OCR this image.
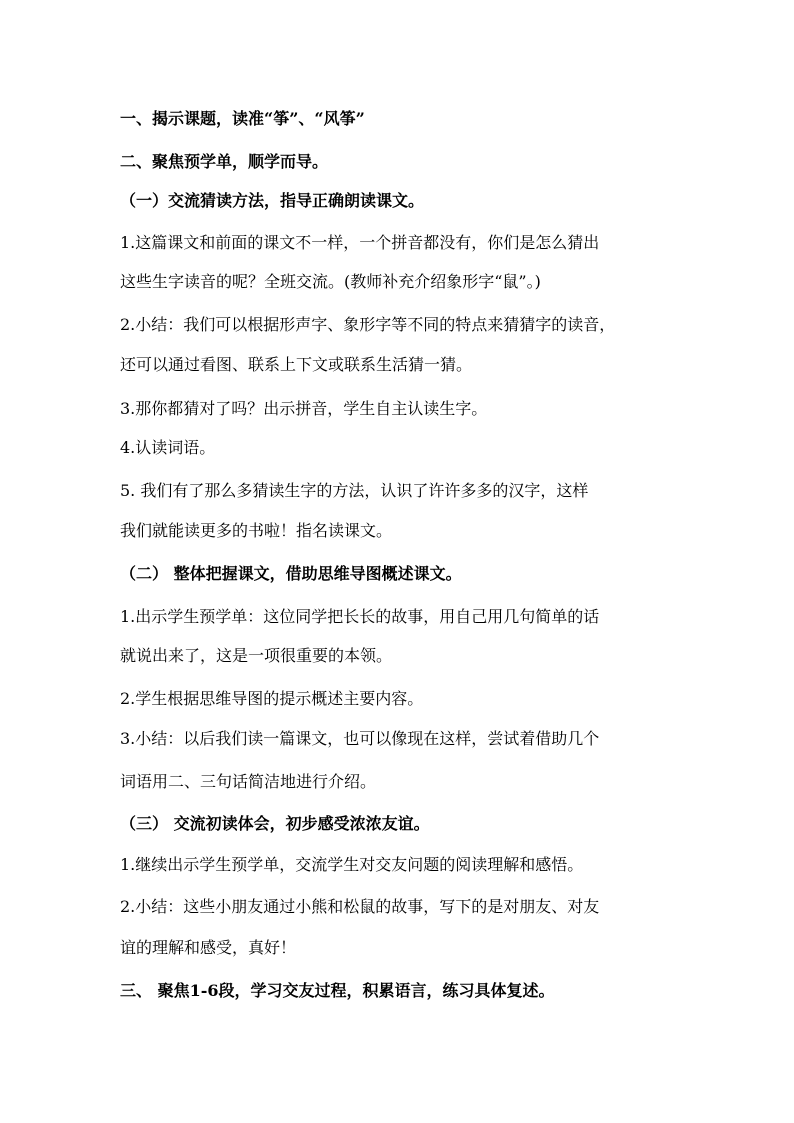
一、揭示课题，读准“筝”、“风筝”
二、聚焦预学单，顺学而导。
（一）交流猜读方法，指导正确朗读课文。
1.这篇课文和前面的课文不一样，一个拼音都没有，你们是怎么猜出
这些生字读音的呢？全班交流。(教师补充介绍象形字“鼠”。)
2.小结：我们可以根据形声字、象形字等不同的特点来猜猜字的读音，
还可以通过看图、联系上下文或联系生活猜一猜。
3.那你都猜对了吗？出示拼音，学生自主认读生字。
4.认读词语。
5. 我们有了那么多猜读生字的方法，认识了许许多多的汉字，这样
我们就能读更多的书啦！指名读课文。
（二） 整体把握课文，借助思维导图概述课文。
1.出示学生预学单：这位同学把长长的故事，用自己用几句简单的话
就说出来了，这是一项很重要的本领。
2.学生根据思维导图的提示概述主要内容。
3.小结：以后我们读一篇课文，也可以像现在这样，尝试着借助几个
词语用二、三句话简洁地进行介绍。
（三） 交流初读体会，初步感受浓浓友谊。
1.继续出示学生预学单，交流学生对交友问题的阅读理解和感悟。
2.小结：这些小朋友通过小熊和松鼠的故事，写下的是对朋友、对友
谊的理解和感受，真好！
三、 聚焦1-6段，学习交友过程，积累语言，练习具体复述。
